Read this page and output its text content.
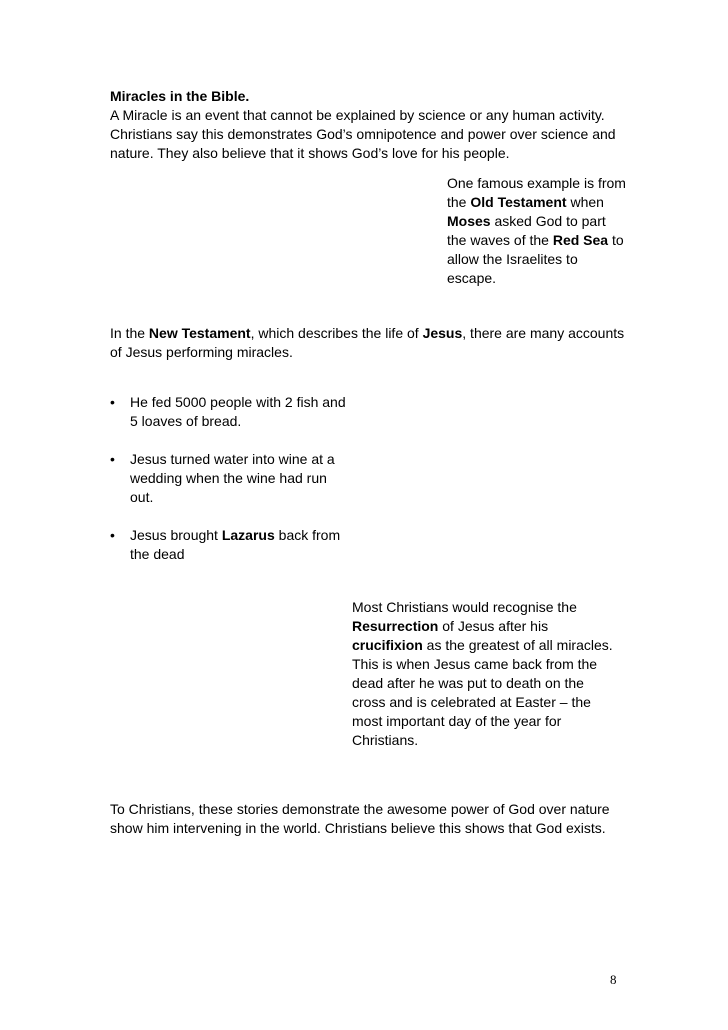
Miracles in the Bible.
A Miracle is an event that cannot be explained by science or any human activity. Christians say this demonstrates God’s omnipotence and power over science and nature. They also believe that it shows God’s love for his people.

One famous example is from the Old Testament when Moses asked God to part the waves of the Red Sea to allow the Israelites to escape.

In the New Testament, which describes the life of Jesus, there are many accounts of Jesus performing miracles.

• He fed 5000 people with 2 fish and 5 loaves of bread.
• Jesus turned water into wine at a wedding when the wine had run out.
• Jesus brought Lazarus back from the dead

Most Christians would recognise the Resurrection of Jesus after his crucifixion as the greatest of all miracles. This is when Jesus came back from the dead after he was put to death on the cross and is celebrated at Easter – the most important day of the year for Christians.

To Christians, these stories demonstrate the awesome power of God over nature show him intervening in the world. Christians believe this shows that God exists.

8
